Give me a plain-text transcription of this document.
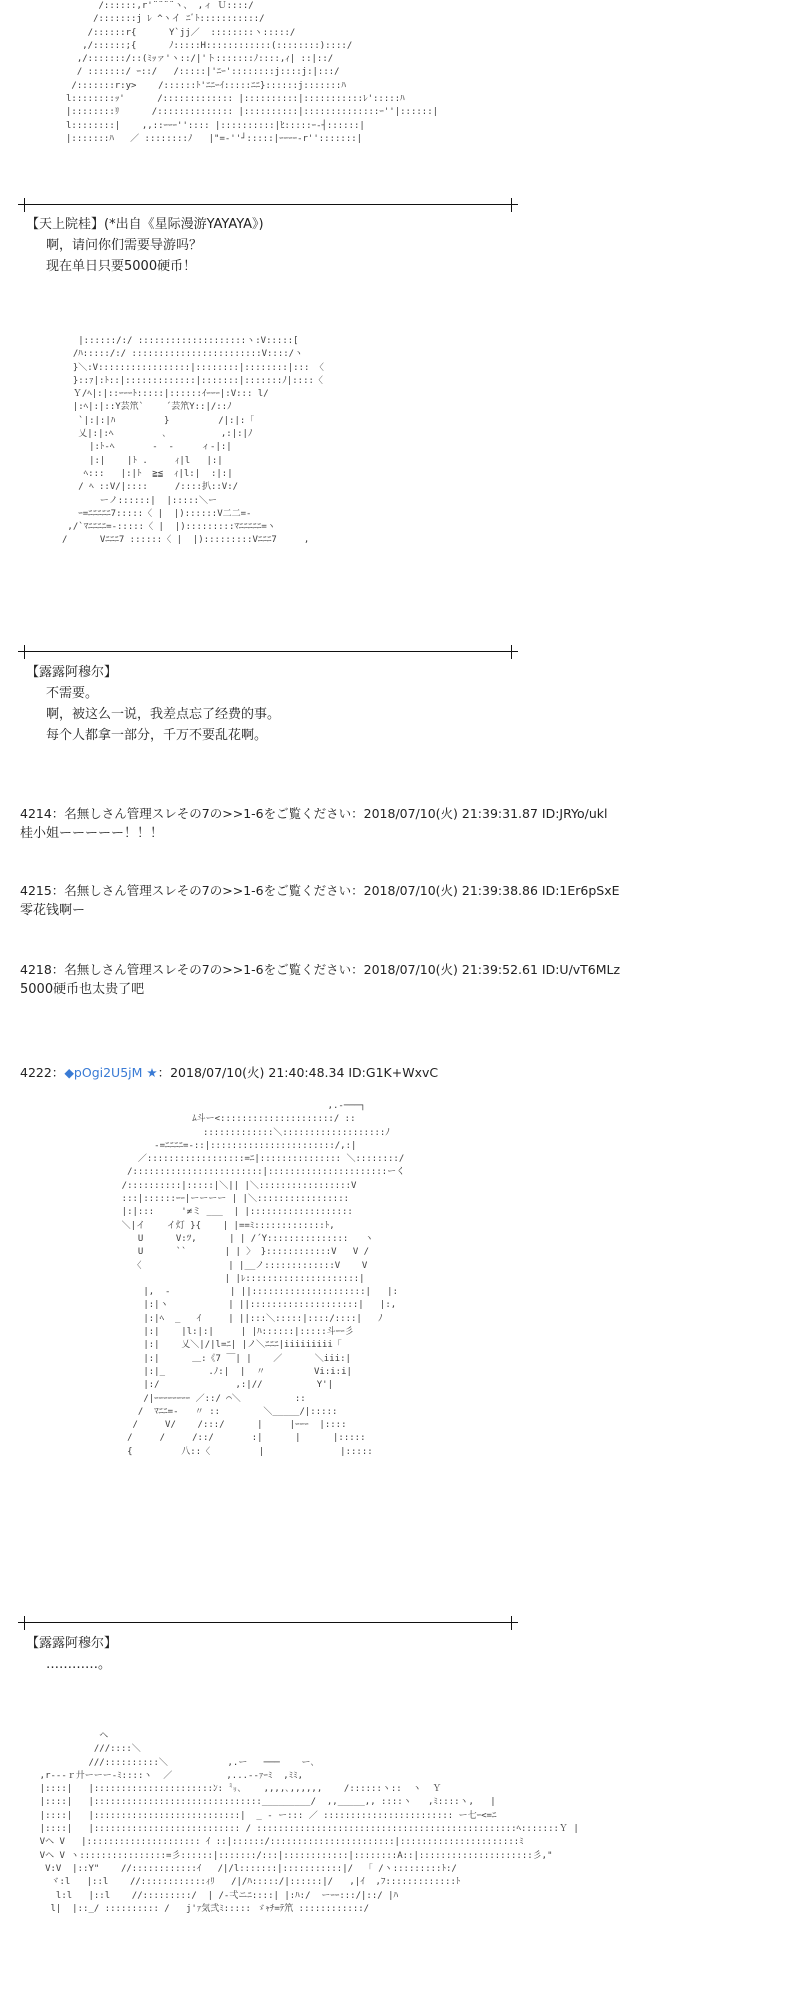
/::::::,r'¨¨¨¨ヽ、 ,ィ Ｕ::::/
/:::::::j ﾚ ^ヽイ ﾆﾞﾄ:::::::::::/
/::::::r{      Y`jj／  ::::::::ヽ:::::/
,/::::::;{      ﾉ:::::H::::::::::::(::::::::)::::/
,/:::::::/::(ﾐｯァ'ヽ::/|'ト:::::::ﾉ::::,ｨ| ::|::/
/ :::::::/ ｰ::/   /:::::|'ﾆｰ'::::::::j::::j:|:::/
/:::::::r:y>    /::::::ﾄ'ﾆﾆｰｲ:::::ﾆﾆ}::::::j:::::::ﾊ
l::::::::ｯ'      /::::::::::::: |::::::::::|:::::::::::ﾚ':::::ﾊ
|::::::::ﾘ      /:::::::::::::: |::::::::::|::::::::::::::ｰ''|::::::|
l::::::::|    ,,::ｰｰｰ'':::: |::::::::::|ﾋ:::::ｰ‐┤::::::|
|:::::::ﾊ   ／ ::::::::ﾉ   |"=-''┘:::::|ｰｰｰｰ‐r'':::::::|
【天上院桂】(*出自《星际漫游YAYAYA》)
啊，请问你们需要导游吗？
现在单日只要5000硬币！
|::::::/:/ ::::::::::::::::::::ヽ:V:::::[
/ﾊ:::::/:/ ::::::::::::::::::::::::V::::/ヽ
}＼:V:::::::::::::::::|::::::::|::::::::|::: 〈
}::ｧ|:ﾄ::|:::::::::::::|:::::::|:::::::ﾉ|::::〈
Ｙ/ﾍ|:|::ｰｰｰﾄ:::::|::::::ｲｰｰｰ|:V::: l/
|:ﾍ|:|::Y芸笊`    ´芸笊Y::|/::ﾉ
`|:|:|ﾊ         }         /|:|:「
乂|:|:ﾍ         ､          ,:|:|ﾉ
|:ﾄ-ﾍ       -  -     ィ-|:|
|:|    |ﾄ .     ｨ|l   |:|
ﾍ:::   |:|ﾄ  ≧≦  ｨ|l:|  :|:|
/ ﾍ ::V/|::::     /::::扒::V:/
ーノ::::::|  |:::::＼ー
ｰ=ﾆﾆﾆﾆﾆ7:::::〈 |  |)::::::V二二=-
,/`ﾏﾆﾆﾆﾆ=-:::::〈 |  |):::::::::ﾏﾆﾆﾆﾆﾆ=ヽ
/      Vﾆﾆﾆ7 ::::::〈 |  |):::::::::Vﾆﾆﾆ7     ,
【露露阿穆尔】
不需要。
啊，被这么一说，我差点忘了经费的事。
每个人都拿一部分，千万不要乱花啊。
4214：名無しさん管理スレその7の>>1-6をご覧ください：2018/07/10(火) 21:39:31.87 ID:JRYo/ukl
桂小姐ーーーーー！！！
4215：名無しさん管理スレその7の>>1-6をご覧ください：2018/07/10(火) 21:39:38.86 ID:1Er6pSxE
零花钱啊ー
4218：名無しさん管理スレその7の>>1-6をご覧ください：2018/07/10(火) 21:39:52.61 ID:U/vT6MLz
5000硬币也太贵了吧
4222：◆pOgi2U5jM ★：2018/07/10(火) 21:40:48.34 ID:G1K+WxvC
,.-───┐
ﾑ斗ー<:::::::::::::::::::::/ ::
:::::::::::::＼:::::::::::::::::::ﾉ
-=ﾆﾆﾆﾆ=-::|:::::::::::::::::::::::/,:|
／::::::::::::::::::=ﾆ|::::::::::::::: ＼::::::::/
/::::::::::::::::::::::::|::::::::::::::::::::::ーく
/::::::::::|:::::|＼|| |＼:::::::::::::::::V
:::|::::::ｰｰ|ーーーー | |＼:::::::::::::::::
|:|:::     '≠ミ ___  | |:::::::::::::::::::
＼|イ    イ灯 }{    | |==ﾐ:::::::::::::ﾄ,
U      V:ﾂ,      | | /´Y:::::::::::::::   ヽ
U      ``       | | 〉 }::::::::::::V   V /
〈                | |__ノ:::::::::::::V    V
| |ﾚ:::::::::::::::::::::|
|,  -           | ||:::::::::::::::::::::|   |:
|:|ヽ           | ||::::::::::::::::::::|   |:,
|:|ﾍ  _   ｲ     | ||:::＼:::::|::::/::::|   ﾉ
|:|    |l:|:|     | |ﾊ::::::|:::::斗ｰｰ彡
|:|    乂＼|/|l=ﾆ| |ノ＼ﾆﾆﾆ|iiiiiiiii「
|:|      ＿:《7 ￣| |    ／      ＼iii:|
|:|_        .ﾉ:|  |  〃         Vi:i:i|
|:/              ,:|//          Y'|
/|ｰｰｰｰｰｰｰｰ ／::/ ⌒＼          ::
/  ﾏﾆﾆ=-   〃 ::        ＼_____/|:::::
/     V/    /:::/      |     |ｰｰｰ  |::::
/     /     /::/       :|      |      |:::::
{         八::〈         |              |:::::
【露露阿穆尔】
…………。
ヘ
///::::＼
///::::::::::＼           ,.ー   ───    ー､
,r---ｒ廾ーーー-ﾐ::::ヽ  ／          ,...-‐ｧｰﾐ  ,ﾐﾐ,
|::::|   |::::::::::::::::::::::ﾝ: ㍉､    ,,,,､,,,,,,    /::::::ヽ::  ヽ  Ｙ
|::::|   |:::::::::::::::::::::::::::::::_________/  ,,_____,, ::::ヽ   ,ﾐ::::ヽ,   |
|::::|   |:::::::::::::::::::::::::::|  _ ‐ ー::: ／ :::::::::::::::::::::::: ー七ｰ<=ﾆ
|::::|   |::::::::::::::::::::::::::: / ::::::::::::::::::::::::::::::::::::::::::::::::ﾍ:::::::Ｙ |
Vヘ V   |::::::::::::::::::::: ｲ ::|::::::/:::::::::::::::::::::::|::::::::::::::::::::::ﾐ
Vヘ V ヽ::::::::::::::::=彡::::::|:::::::/:::|::::::::::::|::::::::A::|:::::::::::::::::::::彡,"
V:V  |::Y"    //::::::::::::ｲ   /|/l:::::::|:::::::::::|/  「 /ヽ:::::::::ﾄ:/
ヾ:l   |::l    //::::::::::::ｨﾘ   /|/ﾊ:::::/|::::::|/   ,|ｲ  ,ﾌ:::::::::::::ﾄ
l:l   |::l    //:::::::::/  | /-弌ニﾆ::::| |:ﾊ:/  ーｰｰ:::/|::/ |ﾊ
l|  |::_/ :::::::::: /   j'ｧ気弐ﾐ::::: ゞｬﾁ=ﾃ笊 ::::::::::::/
